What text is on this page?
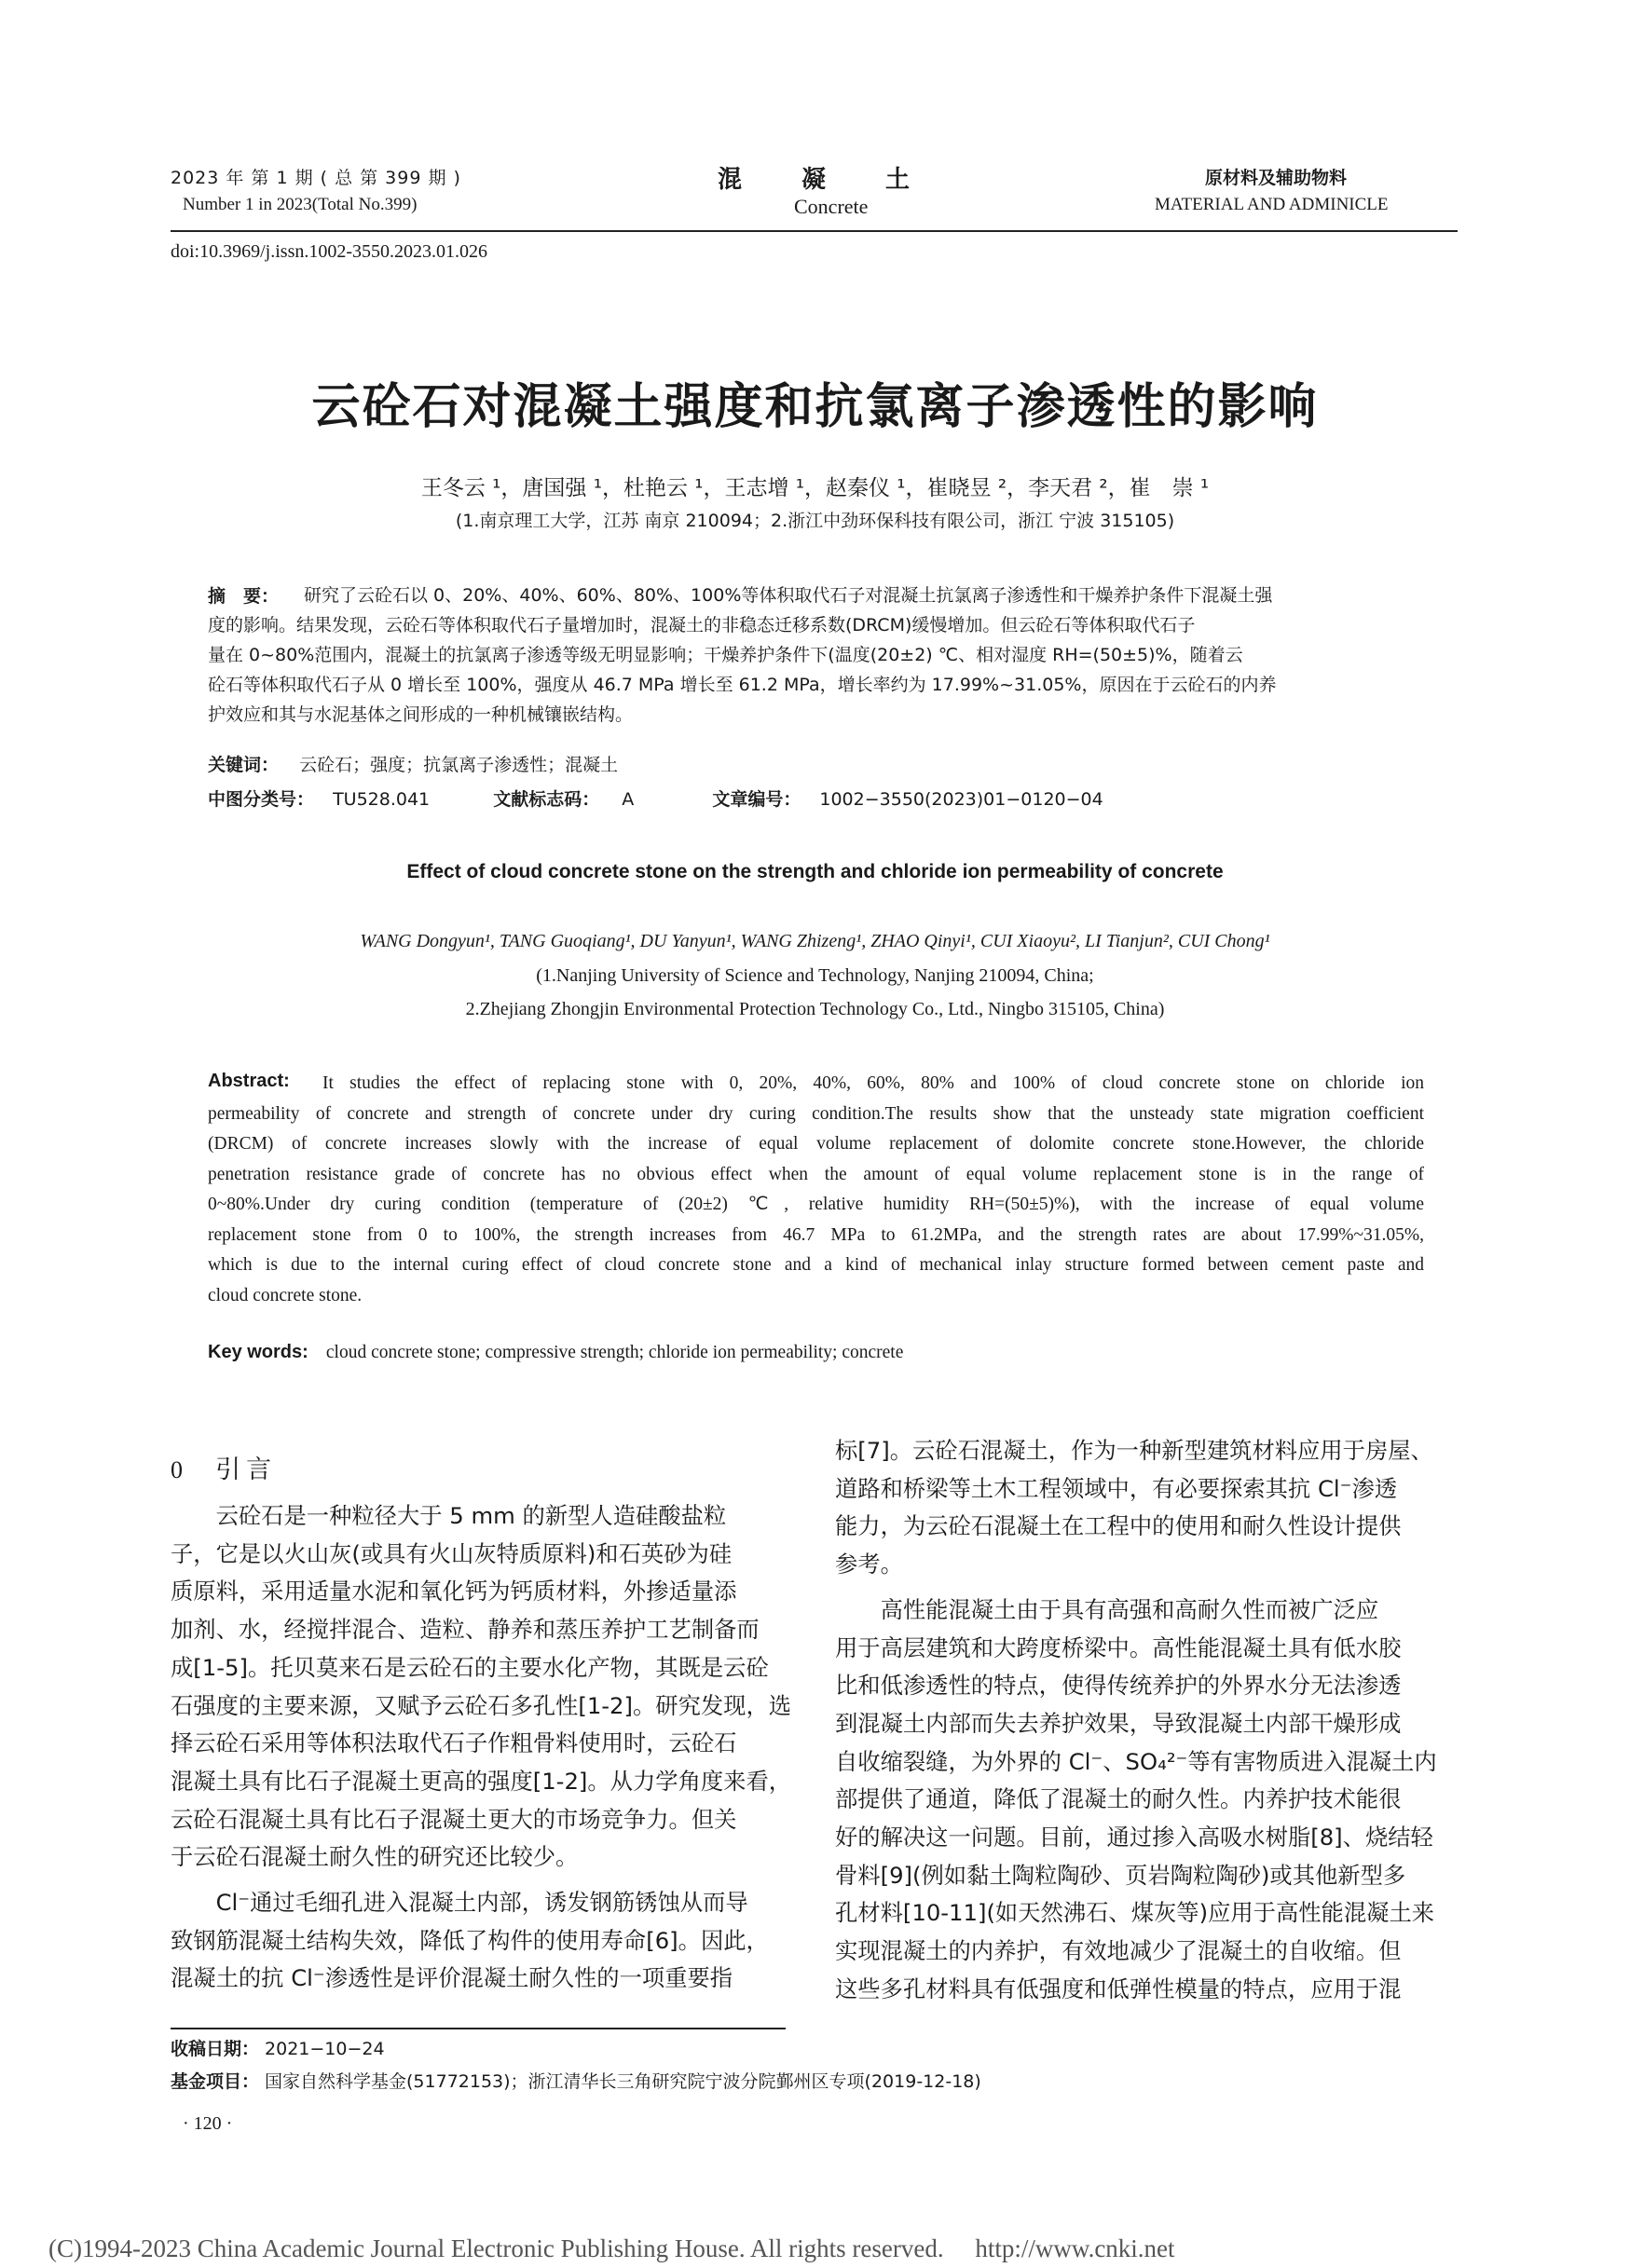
2023 年 第 1 期 ( 总 第 399 期 )
Number 1 in 2023(Total No.399)
混　　凝　　土
Concrete
原材料及辅助物料
MATERIAL AND ADMINICLE
doi:10.3969/j.issn.1002-3550.2023.01.026
云砼石对混凝土强度和抗氯离子渗透性的影响
王冬云 ¹，唐国强 ¹，杜艳云 ¹，王志增 ¹，赵秦仪 ¹，崔晓昱 ²，李天君 ²，崔　崇 ¹
(1.南京理工大学，江苏 南京 210094；2.浙江中劲环保科技有限公司，浙江 宁波 315105)
摘　要：	研究了云砼石以 0、20%、40%、60%、80%、100%等体积取代石子对混凝土抗氯离子渗透性和干燥养护条件下混凝土强
度的影响。结果发现，云砼石等体积取代石子量增加时，混凝土的非稳态迁移系数(DRCM)缓慢增加。但云砼石等体积取代石子
量在 0~80%范围内，混凝土的抗氯离子渗透等级无明显影响；干燥养护条件下(温度(20±2) ℃、相对湿度 RH=(50±5)%，随着云
砼石等体积取代石子从 0 增长至 100%，强度从 46.7 MPa 增长至 61.2 MPa，增长率约为 17.99%~31.05%，原因在于云砼石的内养
护效应和其与水泥基体之间形成的一种机械镶嵌结构。
关键词： 云砼石；强度；抗氯离子渗透性；混凝土
中图分类号： TU528.041	文献标志码： A	文章编号： 1002−3550(2023)01−0120−04
Effect of cloud concrete stone on the strength and chloride ion permeability of concrete
WANG Dongyun¹, TANG Guoqiang¹, DU Yanyun¹, WANG Zhizeng¹, ZHAO Qinyi¹, CUI Xiaoyu², LI Tianjun², CUI Chong¹
(1.Nanjing University of Science and Technology, Nanjing 210094, China;
2.Zhejiang Zhongjin Environmental Protection Technology Co., Ltd., Ningbo 315105, China)
Abstract:	It studies the effect of replacing stone with 0, 20%, 40%, 60%, 80% and 100% of cloud concrete stone on chloride ion
permeability of concrete and strength of concrete under dry curing condition.The results show that the unsteady state migration coefficient
(DRCM) of concrete increases slowly with the increase of equal volume replacement of dolomite concrete stone.However, the chloride
penetration resistance grade of concrete has no obvious effect when the amount of equal volume replacement stone is in the range of
0~80%.Under dry curing condition (temperature of (20±2) ℃, relative humidity RH=(50±5)%), with the increase of equal volume
replacement stone from 0 to 100%, the strength increases from 46.7 MPa to 61.2MPa, and the strength rates are about 17.99%~31.05%,
which is due to the internal curing effect of cloud concrete stone and a kind of mechanical inlay structure formed between cement paste and
cloud concrete stone.
Key words: cloud concrete stone; compressive strength; chloride ion permeability; concrete
0 引言
　　云砼石是一种粒径大于 5 mm 的新型人造硅酸盐粒
子，它是以火山灰(或具有火山灰特质原料)和石英砂为硅
质原料，采用适量水泥和氧化钙为钙质材料，外掺适量添
加剂、水，经搅拌混合、造粒、静养和蒸压养护工艺制备而
成[1-5]。托贝莫来石是云砼石的主要水化产物，其既是云砼
石强度的主要来源，又赋予云砼石多孔性[1-2]。研究发现，选
择云砼石采用等体积法取代石子作粗骨料使用时，云砼石
混凝土具有比石子混凝土更高的强度[1-2]。从力学角度来看，
云砼石混凝土具有比石子混凝土更大的市场竞争力。但关
于云砼石混凝土耐久性的研究还比较少。
　　Cl⁻通过毛细孔进入混凝土内部，诱发钢筋锈蚀从而导
致钢筋混凝土结构失效，降低了构件的使用寿命[6]。因此，
混凝土的抗 Cl⁻渗透性是评价混凝土耐久性的一项重要指
标[7]。云砼石混凝土，作为一种新型建筑材料应用于房屋、
道路和桥梁等土木工程领域中，有必要探索其抗 Cl⁻渗透
能力，为云砼石混凝土在工程中的使用和耐久性设计提供
参考。
　　高性能混凝土由于具有高强和高耐久性而被广泛应
用于高层建筑和大跨度桥梁中。高性能混凝土具有低水胶
比和低渗透性的特点，使得传统养护的外界水分无法渗透
到混凝土内部而失去养护效果，导致混凝土内部干燥形成
自收缩裂缝，为外界的 Cl⁻、SO₄²⁻等有害物质进入混凝土内
部提供了通道，降低了混凝土的耐久性。内养护技术能很
好的解决这一问题。目前，通过掺入高吸水树脂[8]、烧结轻
骨料[9](例如黏土陶粒陶砂、页岩陶粒陶砂)或其他新型多
孔材料[10-11](如天然沸石、煤灰等)应用于高性能混凝土来
实现混凝土的内养护，有效地减少了混凝土的自收缩。但
这些多孔材料具有低强度和低弹性模量的特点，应用于混
收稿日期： 2021−10−24
基金项目： 国家自然科学基金(51772153)；浙江清华长三角研究院宁波分院鄞州区专项(2019-12-18)
· 120 ·
(C)1994-2023 China Academic Journal Electronic Publishing House. All rights reserved.　 http://www.cnki.net
